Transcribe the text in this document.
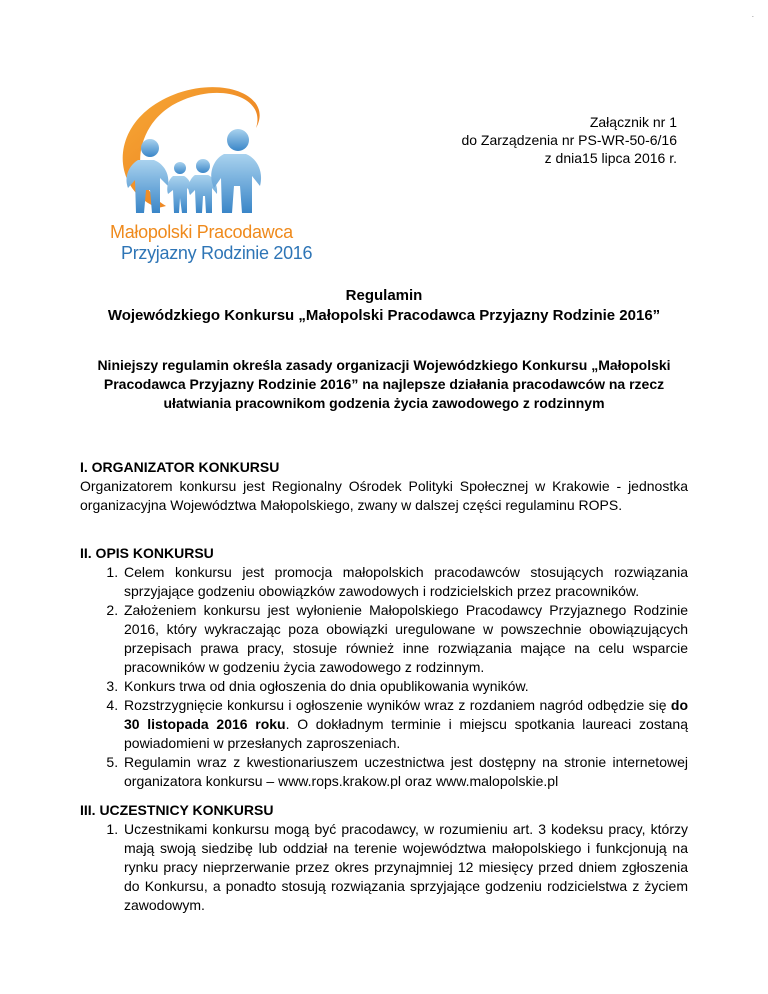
.
Małopolski Pracodawca
Przyjazny Rodzinie 2016
Załącznik nr 1
do Zarządzenia nr PS-WR-50-6/16
z dnia15 lipca 2016 r.
Regulamin
Wojewódzkiego Konkursu „Małopolski Pracodawca Przyjazny Rodzinie 2016”
Niniejszy regulamin określa zasady organizacji Wojewódzkiego Konkursu „Małopolski Pracodawca Przyjazny Rodzinie 2016” na najlepsze działania pracodawców na rzecz ułatwiania pracownikom godzenia życia zawodowego z rodzinnym
I. ORGANIZATOR KONKURSU
Organizatorem konkursu jest Regionalny Ośrodek Polityki Społecznej w Krakowie - jednostka organizacyjna Województwa Małopolskiego, zwany w dalszej części regulaminu ROPS.
II. OPIS KONKURSU
1. Celem konkursu jest promocja małopolskich pracodawców stosujących rozwiązania sprzyjające godzeniu obowiązków zawodowych i rodzicielskich przez pracowników.
2. Założeniem konkursu jest wyłonienie Małopolskiego Pracodawcy Przyjaznego Rodzinie 2016, który wykraczając poza obowiązki uregulowane w powszechnie obowiązujących przepisach prawa pracy, stosuje również inne rozwiązania mające na celu wsparcie pracowników w godzeniu życia zawodowego z rodzinnym.
3. Konkurs trwa od dnia ogłoszenia do dnia opublikowania wyników.
4. Rozstrzygnięcie konkursu i ogłoszenie wyników wraz z rozdaniem nagród odbędzie się do 30 listopada 2016 roku. O dokładnym terminie i miejscu spotkania laureaci zostaną powiadomieni w przesłanych zaproszeniach.
5. Regulamin wraz z kwestionariuszem uczestnictwa jest dostępny na stronie internetowej organizatora konkursu – www.rops.krakow.pl oraz www.malopolskie.pl
III. UCZESTNICY KONKURSU
1. Uczestnikami konkursu mogą być pracodawcy, w rozumieniu art. 3 kodeksu pracy, którzy mają swoją siedzibę lub oddział na terenie województwa małopolskiego i funkcjonują na rynku pracy nieprzerwanie przez okres przynajmniej 12 miesięcy przed dniem zgłoszenia do Konkursu, a ponadto stosują rozwiązania sprzyjające godzeniu rodzicielstwa z życiem zawodowym.
